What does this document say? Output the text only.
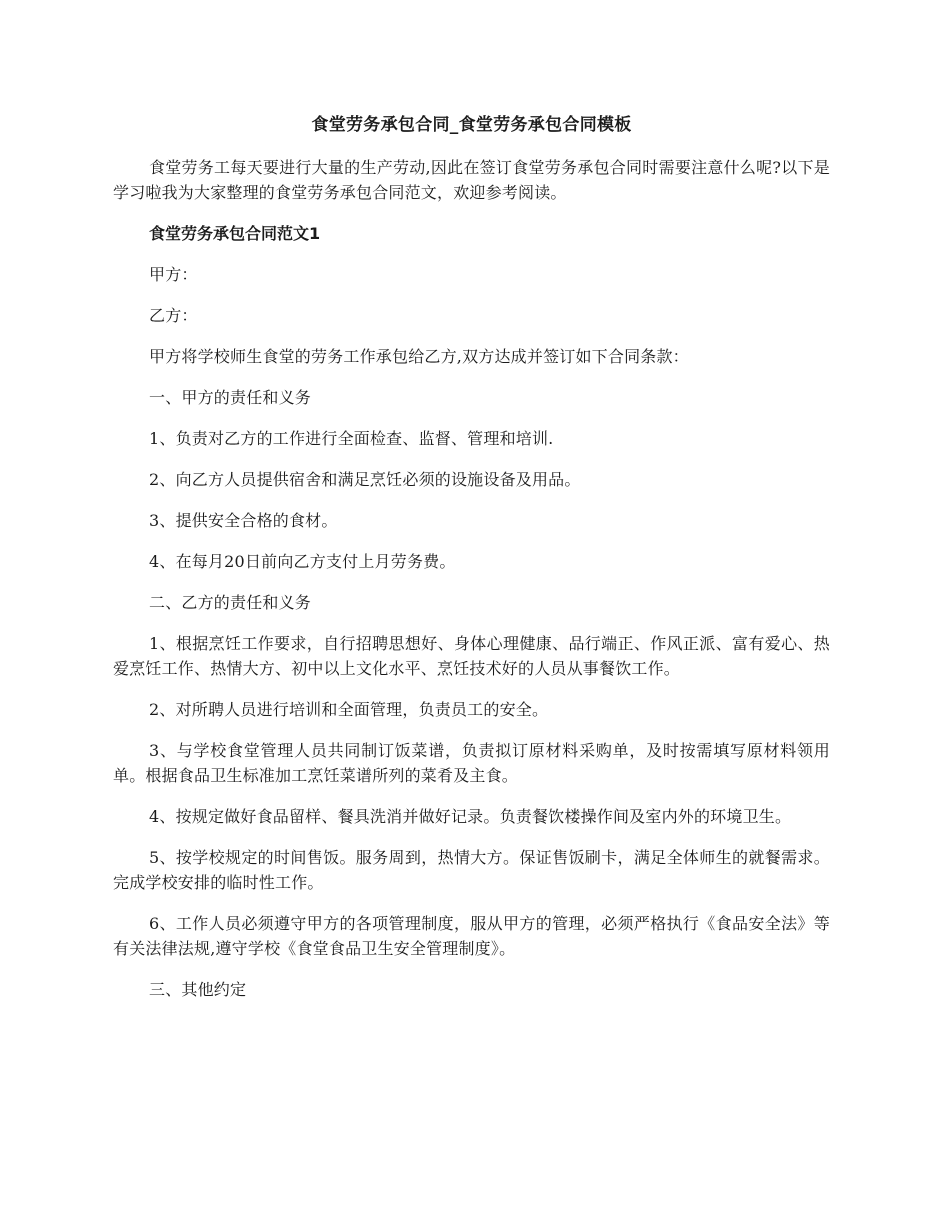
食堂劳务承包合同_食堂劳务承包合同模板
食堂劳务工每天要进行大量的生产劳动,因此在签订食堂劳务承包合同时需要注意什么呢?以下是学习啦我为大家整理的食堂劳务承包合同范文，欢迎参考阅读。
食堂劳务承包合同范文1
甲方：
乙方：
甲方将学校师生食堂的劳务工作承包给乙方,双方达成并签订如下合同条款：
一、甲方的责任和义务
1、负责对乙方的工作进行全面检查、监督、管理和培训.
2、向乙方人员提供宿舍和满足烹饪必须的设施设备及用品。
3、提供安全合格的食材。
4、在每月20日前向乙方支付上月劳务费。
二、乙方的责任和义务
1、根据烹饪工作要求，自行招聘思想好、身体心理健康、品行端正、作风正派、富有爱心、热爱烹饪工作、热情大方、初中以上文化水平、烹饪技术好的人员从事餐饮工作。
2、对所聘人员进行培训和全面管理，负责员工的安全。
3、与学校食堂管理人员共同制订饭菜谱，负责拟订原材料采购单，及时按需填写原材料领用单。根据食品卫生标准加工烹饪菜谱所列的菜肴及主食。
4、按规定做好食品留样、餐具洗消并做好记录。负责餐饮楼操作间及室内外的环境卫生。
5、按学校规定的时间售饭。服务周到，热情大方。保证售饭刷卡，满足全体师生的就餐需求。完成学校安排的临时性工作。
6、工作人员必须遵守甲方的各项管理制度，服从甲方的管理，必须严格执行《食品安全法》等有关法律法规,遵守学校《食堂食品卫生安全管理制度》。
三、其他约定
